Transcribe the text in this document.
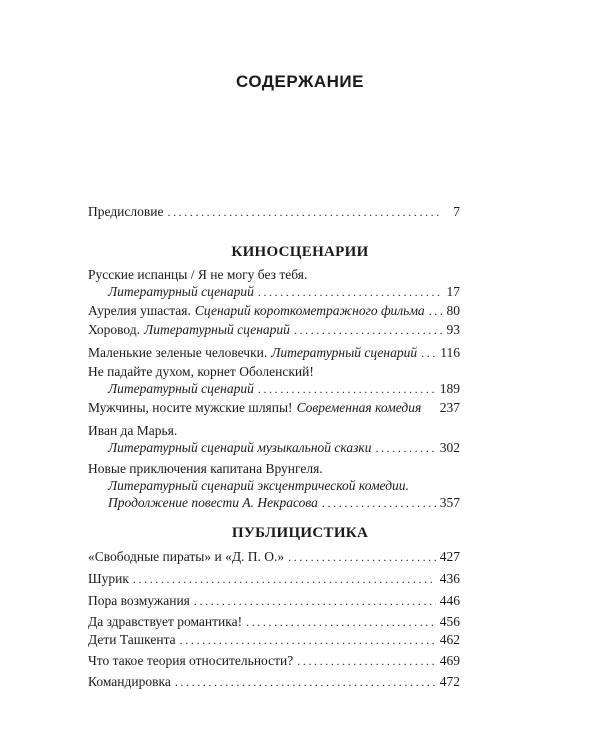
СОДЕРЖАНИЕ
Предисловие .....	7
КИНОСЦЕНАРИИ
Русские испанцы / Я не могу без тебя.
Литературный сценарий .....	17
Аурелия ушастая. Сценарий короткометражного фильма ..... 80
Хоровод. Литературный сценарий .....	93
Маленькие зеленые человечки. Литературный сценарий ..... 116
Не падайте духом, корнет Оболенский!
Литературный сценарий .....	189
Мужчины, носите мужские шляпы! Современная комедия 237
Иван да Марья.
Литературный сценарий музыкальной сказки .....	302
Новые приключения капитана Врунгеля.
Литературный сценарий эксцентрической комедии.
Продолжение повести А. Некрасова .....	357
ПУБЛИЦИСТИКА
«Свободные пираты» и «Д. П. О.» .....	427
Шурик .....	436
Пора возмужания .....	446
Да здравствует романтика! .....	456
Дети Ташкента .....	462
Что такое теория относительности? .....	469
Командировка .....	472
